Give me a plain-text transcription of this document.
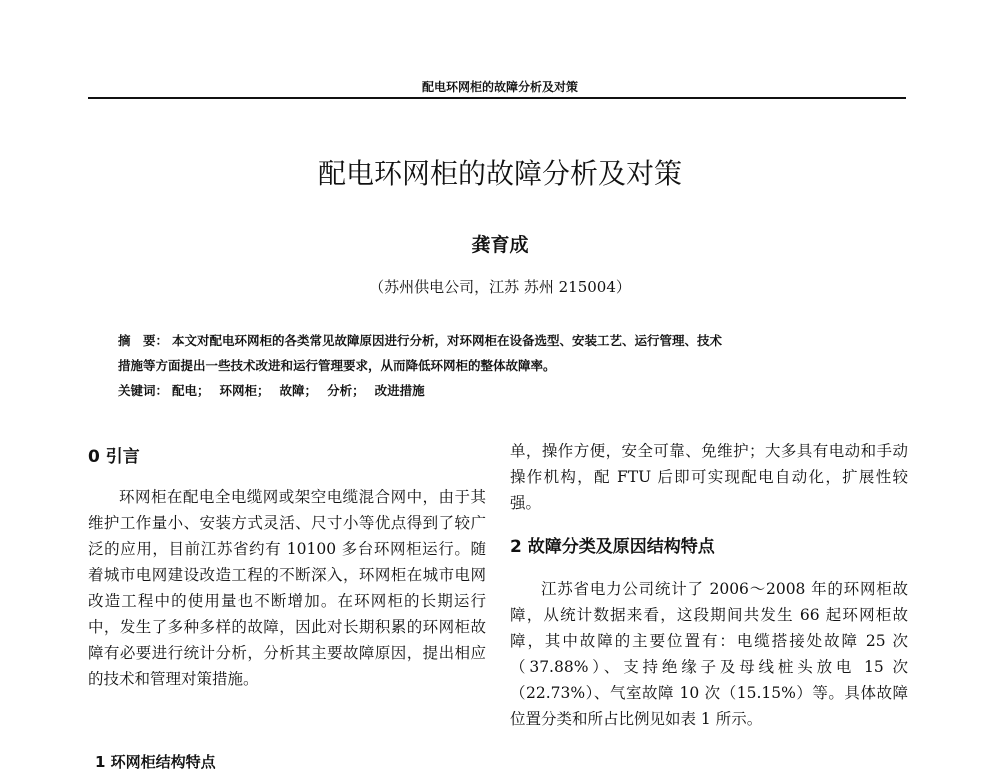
配电环网柜的故障分析及对策
配电环网柜的故障分析及对策
龚育成
（苏州供电公司，江苏 苏州 215004）

摘　要： 本文对配电环网柜的各类常见故障原因进行分析，对环网柜在设备选型、安装工艺、运行管理、技术

措施等方面提出一些技术改进和运行管理要求，从而降低环网柜的整体故障率。

关键词： 配电； 环网柜； 故障； 分析； 改进措施

0 引言

环网柜在配电全电缆网或架空电缆混合网中，由于其维护工作量小、安装方式灵活、尺寸小等优点得到了较广泛的应用，目前江苏省约有 10100 多台环网柜运行。随着城市电网建设改造工程的不断深入，环网柜在城市电网改造工程中的使用量也不断增加。在环网柜的长期运行中，发生了多种多样的故障，因此对长期积累的环网柜故障有必要进行统计分析，分析其主要故障原因，提出相应的技术和管理对策措施。

单，操作方便，安全可靠、免维护；大多具有电动和手动操作机构，配 FTU 后即可实现配电自动化，扩展性较强。

2 故障分类及原因结构特点

江苏省电力公司统计了 2006～2008 年的环网柜故障，从统计数据来看，这段期间共发生 66 起环网柜故障，其中故障的主要位置有：电缆搭接处故障 25 次（37.88%）、支持绝缘子及母线桩头放电 15 次（22.73%）、气室故障 10 次（15.15%）等。具体故障位置分类和所占比例见如表 1 所示。

1 环网柜结构特点
